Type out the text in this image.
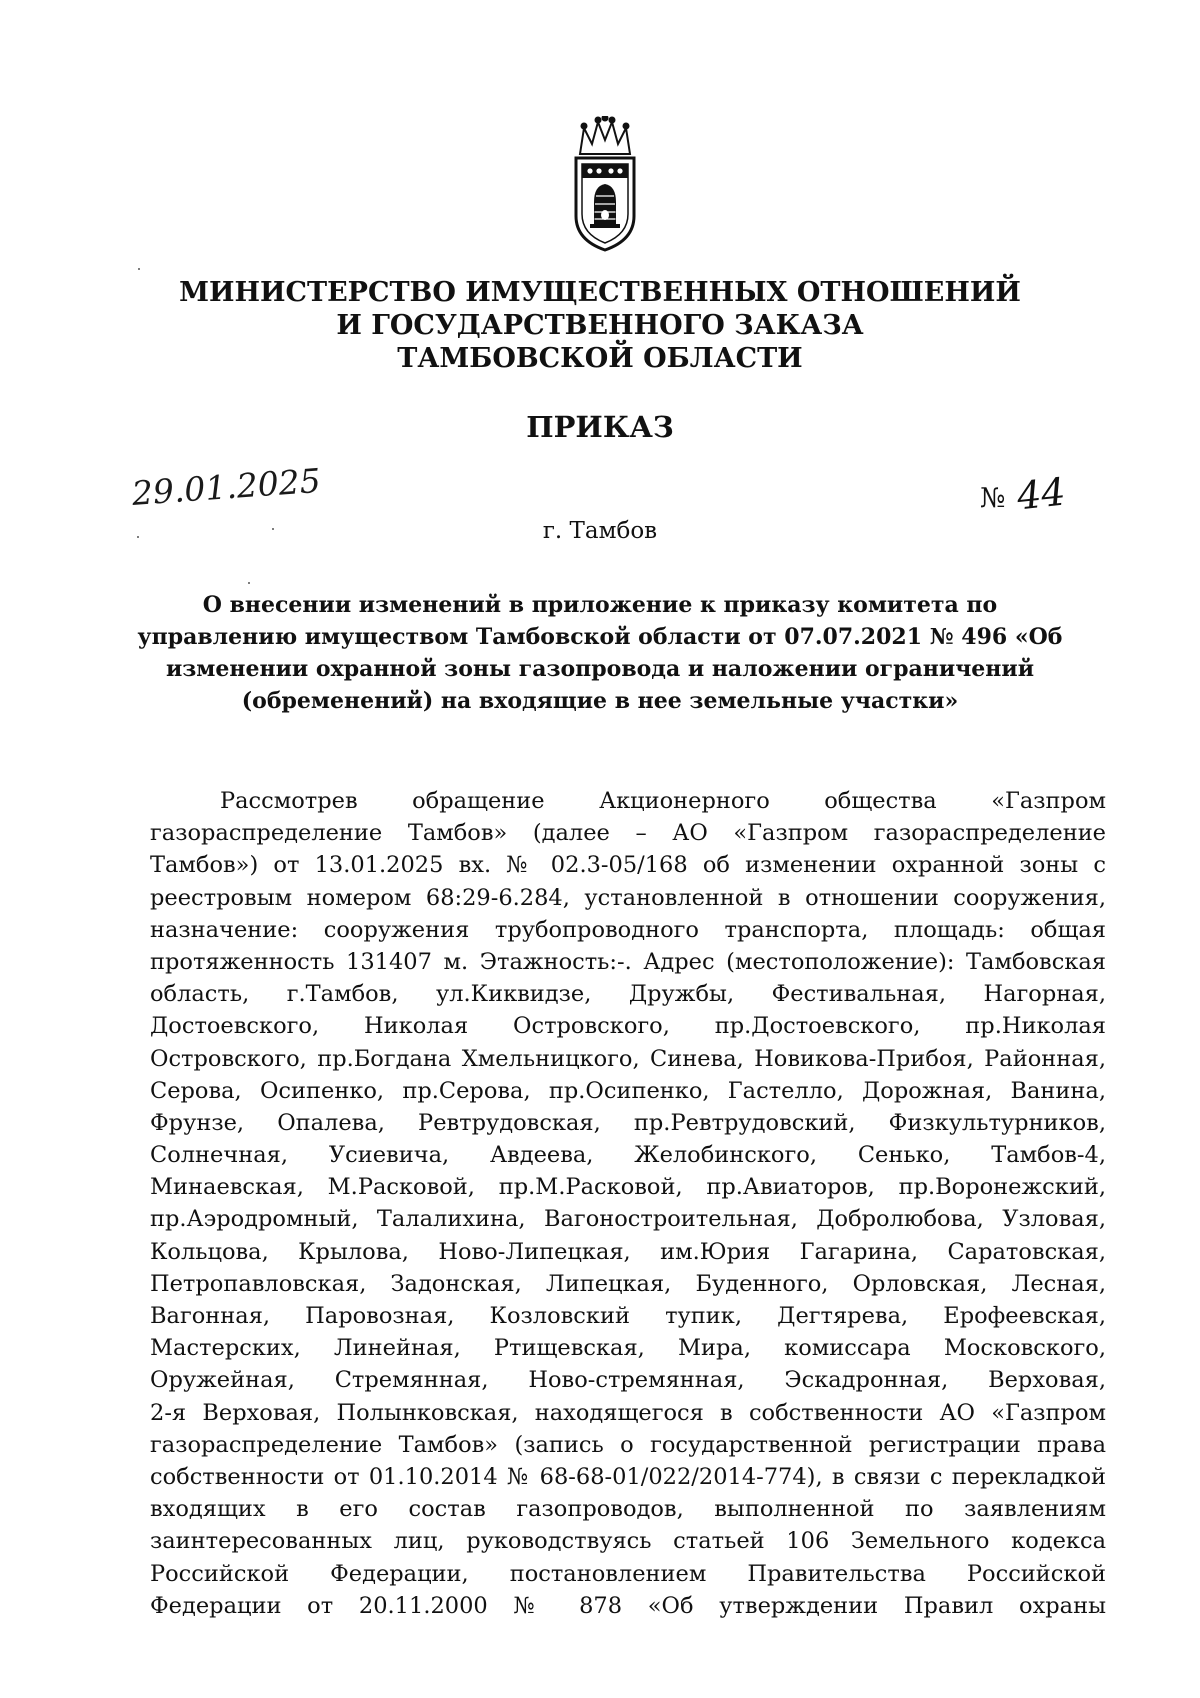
МИНИСТЕРСТВО ИМУЩЕСТВЕННЫХ ОТНОШЕНИЙ
И ГОСУДАРСТВЕННОГО ЗАКАЗА
ТАМБОВСКОЙ ОБЛАСТИ
ПРИКАЗ
29.01.2025	№ 44
г. Тамбов
О внесении изменений в приложение к приказу комитета по
управлению имуществом Тамбовской области от 07.07.2021 № 496 «Об
изменении охранной зоны газопровода и наложении ограничений
(обременений) на входящие в нее земельные участки»
Рассмотрев обращение Акционерного общества «Газпром
газораспределение Тамбов» (далее – АО «Газпром газораспределение
Тамбов») от 13.01.2025 вх. № 02.3-05/168 об изменении охранной зоны с
реестровым номером 68:29-6.284, установленной в отношении сооружения,
назначение: сооружения трубопроводного транспорта, площадь: общая
протяженность 131407 м. Этажность:-. Адрес (местоположение): Тамбовская
область, г.Тамбов, ул.Киквидзе, Дружбы, Фестивальная, Нагорная,
Достоевского, Николая Островского, пр.Достоевского, пр.Николая
Островского, пр.Богдана Хмельницкого, Синева, Новикова-Прибоя, Районная,
Серова, Осипенко, пр.Серова, пр.Осипенко, Гастелло, Дорожная, Ванина,
Фрунзе, Опалева, Ревтрудовская, пр.Ревтрудовский, Физкультурников,
Солнечная, Усиевича, Авдеева, Желобинского, Сенько, Тамбов-4,
Минаевская, М.Расковой, пр.М.Расковой, пр.Авиаторов, пр.Воронежский,
пр.Аэродромный, Талалихина, Вагоностроительная, Добролюбова, Узловая,
Кольцова, Крылова, Ново-Липецкая, им.Юрия Гагарина, Саратовская,
Петропавловская, Задонская, Липецкая, Буденного, Орловская, Лесная,
Вагонная, Паровозная, Козловский тупик, Дегтярева, Ерофеевская,
Мастерских, Линейная, Ртищевская, Мира, комиссара Московского,
Оружейная, Стремянная, Ново-стремянная, Эскадронная, Верховая,
2-я Верховая, Полынковская, находящегося в собственности АО «Газпром
газораспределение Тамбов» (запись о государственной регистрации права
собственности от 01.10.2014 № 68-68-01/022/2014-774), в связи с перекладкой
входящих в его состав газопроводов, выполненной по заявлениям
заинтересованных лиц, руководствуясь статьей 106 Земельного кодекса
Российской Федерации, постановлением Правительства Российской
Федерации от 20.11.2000 № 878 «Об утверждении Правил охраны
